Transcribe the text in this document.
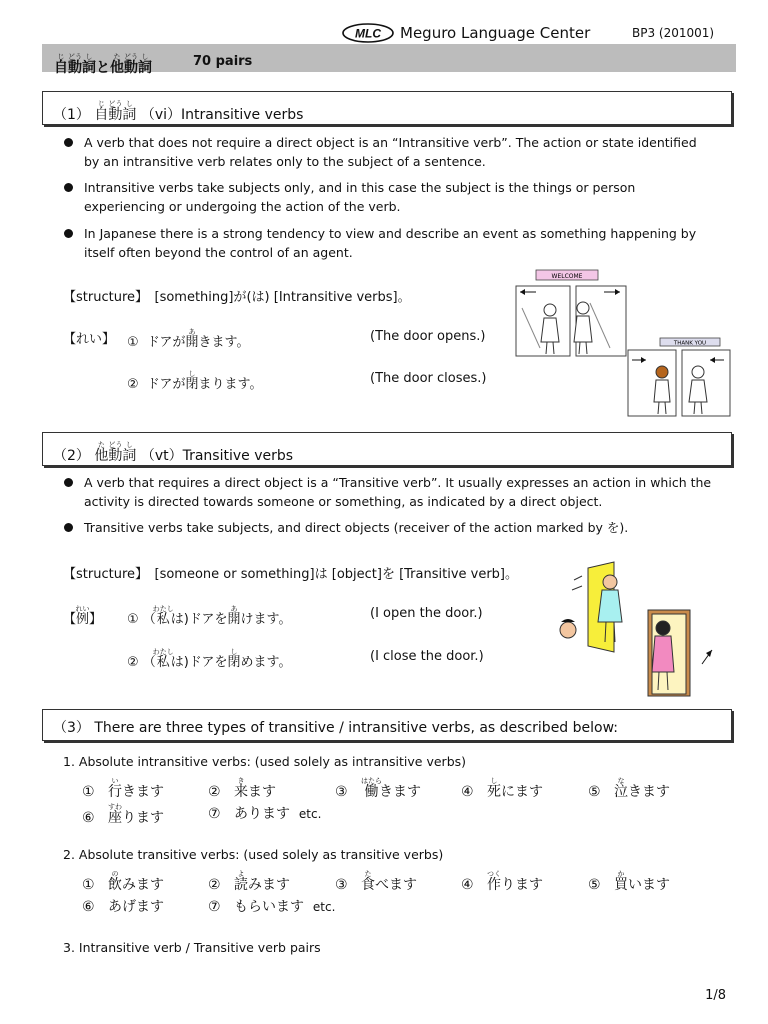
MLC Meguro Language Center	BP3 (201001)
自じ動どう詞しと他た動どう詞し	70 pairs
（1） 自じ動どう詞し （vi）Intransitive verbs
A verb that does not require a direct object is an “Intransitive verb”. The action or state identified by an intransitive verb relates only to the subject of a sentence.
Intransitive verbs take subjects only, and in this case the subject is the things or person experiencing or undergoing the action of the verb.
In Japanese there is a strong tendency to view and describe an event as something happening by itself often beyond the control of an agent.
【structure】　[something]が(は) [Intransitive verbs]。
【れい】 ①  ドアが開あきます。	(The door opens.)
②  ドアが閉しまります。	(The door closes.)
WELCOME
THANK YOU
（2） 他た動どう詞し （vt）Transitive verbs
A verb that requires a direct object is a “Transitive verb”. It usually expresses an action in which the activity is directed towards someone or something, as indicated by a direct object.
Transitive verbs take subjects, and direct objects (receiver of the action marked by を).
【structure】　[someone or something]は [object]を [Transitive verb]。
【例れい】 ① （私わたしは)ドアを開あけます。	(I open the door.)
② （私わたしは)ドアを閉しめます。	(I close the door.)
（3） There are three types of transitive / intransitive verbs, as described below:
1. Absolute intransitive verbs: (used solely as intransitive verbs)
① 行いきます	② 来きます	③ 働はたらきます	④ 死しにます	⑤ 泣なきます
⑥ 座すわります	⑦ あります etc.
2. Absolute transitive verbs: (used solely as transitive verbs)
① 飲のみます	② 読よみます	③ 食たべます	④ 作つくります	⑤ 買かいます
⑥ あげます	⑦ もらいます etc.
3. Intransitive verb / Transitive verb pairs
1/8
